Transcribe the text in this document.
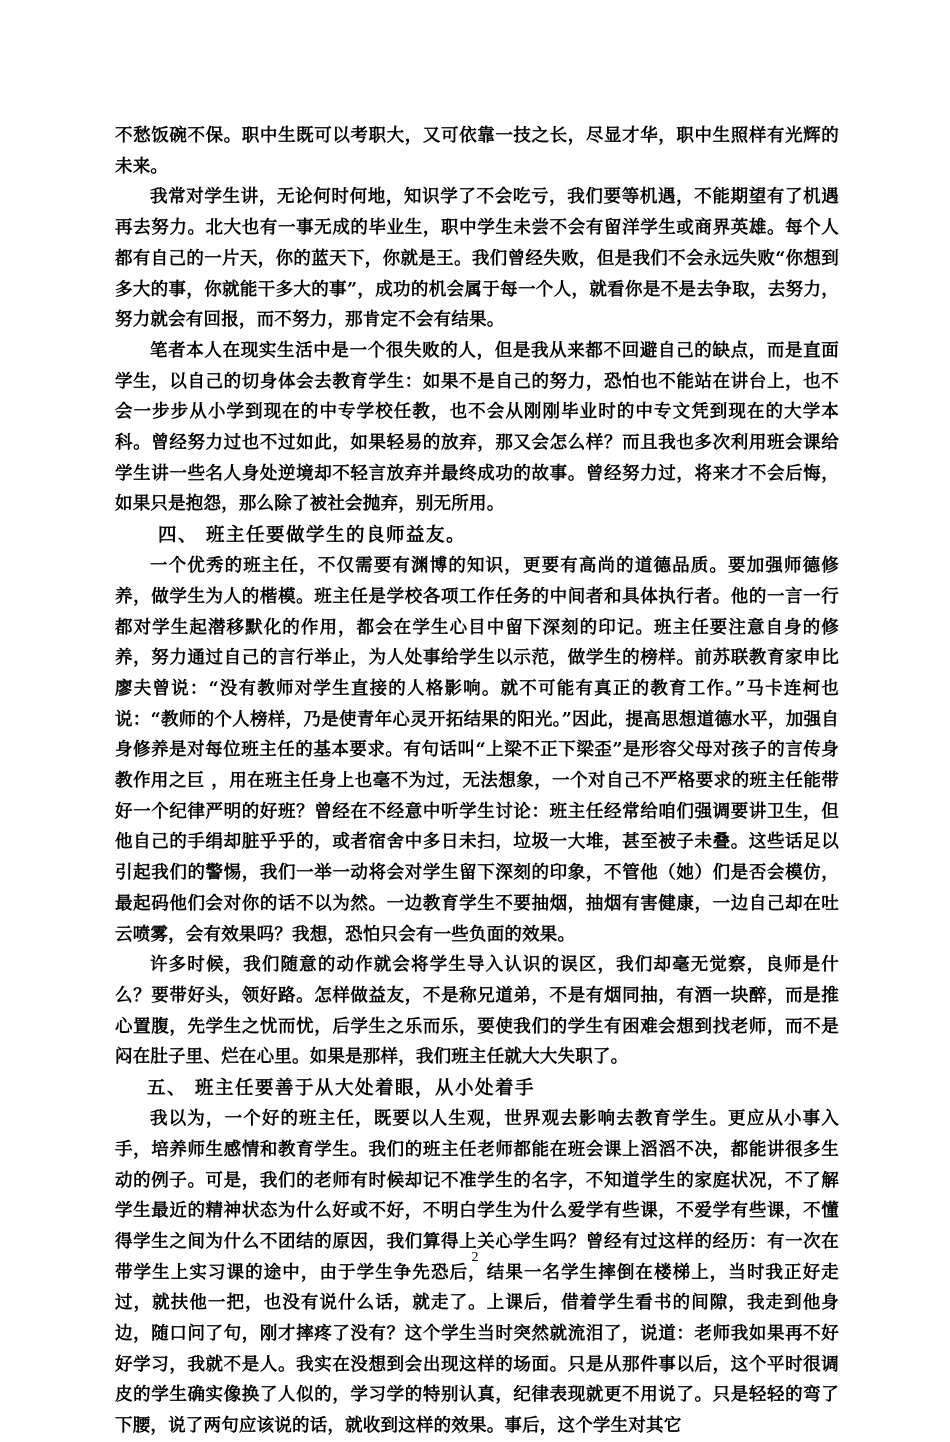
不愁饭碗不保。职中生既可以考职大，又可依靠一技之长，尽显才华，职中生照样有光辉的未来。

我常对学生讲，无论何时何地，知识学了不会吃亏，我们要等机遇，不能期望有了机遇再去努力。北大也有一事无成的毕业生，职中学生未尝不会有留洋学生或商界英雄。每个人都有自己的一片天，你的蓝天下，你就是王。我们曾经失败，但是我们不会永远失败“你想到多大的事，你就能干多大的事”，成功的机会属于每一个人，就看你是不是去争取，去努力，努力就会有回报，而不努力，那肯定不会有结果。

笔者本人在现实生活中是一个很失败的人，但是我从来都不回避自己的缺点，而是直面学生，以自己的切身体会去教育学生：如果不是自己的努力，恐怕也不能站在讲台上，也不会一步步从小学到现在的中专学校任教，也不会从刚刚毕业时的中专文凭到现在的大学本科。曾经努力过也不过如此，如果轻易的放弃，那又会怎么样？而且我也多次利用班会课给学生讲一些名人身处逆境却不轻言放弃并最终成功的故事。曾经努力过，将来才不会后悔，如果只是抱怨，那么除了被社会抛弃，别无所用。

四、 班主任要做学生的良师益友。

一个优秀的班主任，不仅需要有渊博的知识，更要有高尚的道德品质。要加强师德修养，做学生为人的楷模。班主任是学校各项工作任务的中间者和具体执行者。他的一言一行都对学生起潜移默化的作用，都会在学生心目中留下深刻的印记。班主任要注意自身的修养，努力通过自己的言行举止，为人处事给学生以示范，做学生的榜样。前苏联教育家申比廖夫曾说：“没有教师对学生直接的人格影响。就不可能有真正的教育工作。”马卡连柯也说：“教师的个人榜样，乃是使青年心灵开拓结果的阳光。”因此，提高思想道德水平，加强自身修养是对每位班主任的基本要求。有句话叫“上梁不正下梁歪”是形容父母对孩子的言传身教作用之巨 ，用在班主任身上也毫不为过，无法想象，一个对自己不严格要求的班主任能带好一个纪律严明的好班？曾经在不经意中听学生讨论：班主任经常给咱们强调要讲卫生，但他自己的手绢却脏乎乎的，或者宿舍中多日未扫，垃圾一大堆，甚至被子未叠。这些话足以引起我们的警惕，我们一举一动将会对学生留下深刻的印象，不管他（她）们是否会模仿，最起码他们会对你的话不以为然。一边教育学生不要抽烟，抽烟有害健康，一边自己却在吐云喷雾，会有效果吗？我想，恐怕只会有一些负面的效果。

许多时候，我们随意的动作就会将学生导入认识的误区，我们却毫无觉察，良师是什么？要带好头，领好路。怎样做益友，不是称兄道弟，不是有烟同抽，有酒一块醉，而是推心置腹，先学生之忧而忧，后学生之乐而乐，要使我们的学生有困难会想到找老师，而不是闷在肚子里、烂在心里。如果是那样，我们班主任就大大失职了。

五、 班主任要善于从大处着眼，从小处着手

我以为，一个好的班主任，既要以人生观，世界观去影响去教育学生。更应从小事入手，培养师生感情和教育学生。我们的班主任老师都能在班会课上滔滔不决，都能讲很多生动的例子。可是，我们的老师有时候却记不准学生的名字，不知道学生的家庭状况，不了解学生最近的精神状态为什么好或不好，不明白学生为什么爱学有些课，不爱学有些课，不懂得学生之间为什么不团结的原因，我们算得上关心学生吗？曾经有过这样的经历：有一次在带学生上实习课的途中，由于学生争先恐后，结果一名学生摔倒在楼梯上，当时我正好走过，就扶他一把，也没有说什么话，就走了。上课后，借着学生看书的间隙，我走到他身边，随口问了句，刚才摔疼了没有？这个学生当时突然就流泪了，说道：老师我如果再不好好学习，我就不是人。我实在没想到会出现这样的场面。只是从那件事以后，这个平时很调皮的学生确实像换了人似的，学习学的特别认真，纪律表现就更不用说了。只是轻轻的弯了下腰，说了两句应该说的话，就收到这样的效果。事后，这个学生对其它

2
